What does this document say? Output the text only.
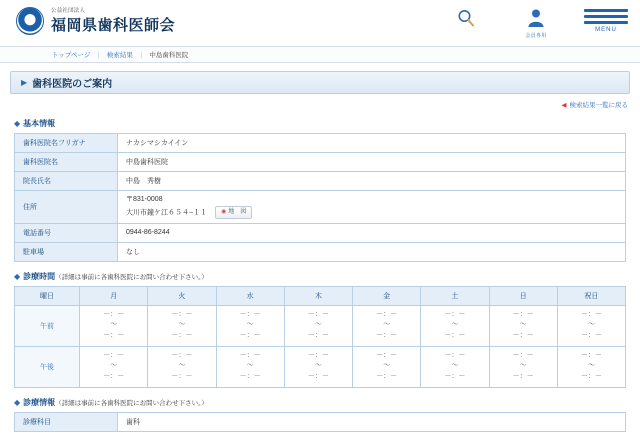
公益社団法人
福岡県歯科医師会
会員専用
MENU
トップページ ｜ 検索結果 ｜ 中島歯科医院
▶ 歯科医院のご案内
◀ 検索結果一覧に戻る
◆ 基本情報
歯科医院名フリガナ	ナカシマシカイイン
歯科医院名	中島歯科医院
院長氏名	中島　秀樹
住所	〒831-0008
大川市鐘ケ江６５４−１１ ◉ 地　図

電話番号	0944-86-8244
駐車場	なし
◆ 診療時間（詳細は事前に各歯科医院にお問い合わせ下さい。）
曜日	月	火	水	木	金	土	日	祝日
午前	－：－
～
－：－	－：－
～
－：－	－：－
～
－：－	－：－
～
－：－	－：－
～
－：－	－：－
～
－：－	－：－
～
－：－	－：－
～
－：－
午後	－：－
～
－：－	－：－
～
－：－	－：－
～
－：－	－：－
～
－：－	－：－
～
－：－	－：－
～
－：－	－：－
～
－：－	－：－
～
－：－
◆ 診療情報（詳細は事前に各歯科医院にお問い合わせ下さい。）
診療科目	歯科
